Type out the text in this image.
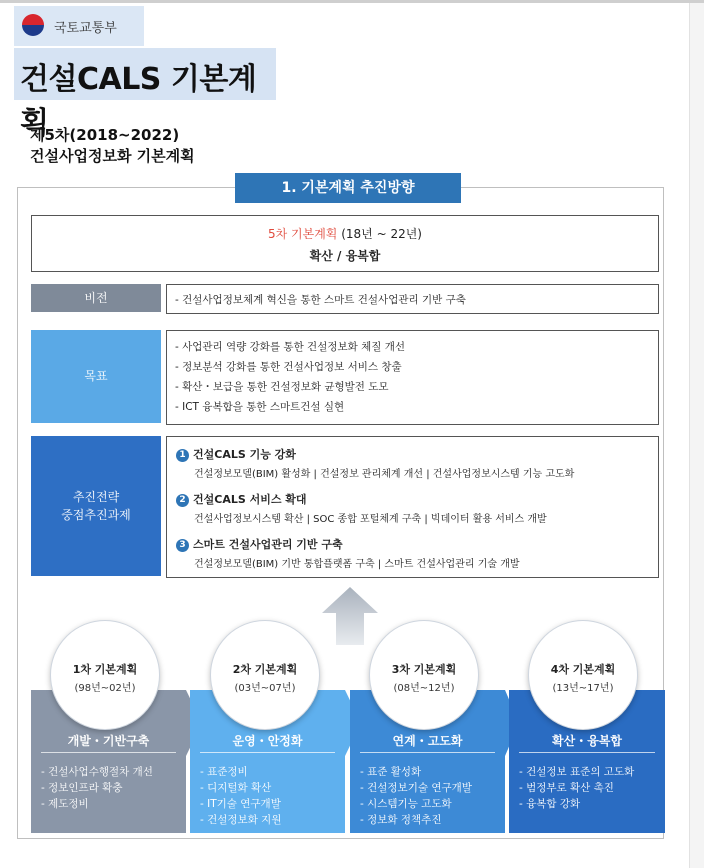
국토교통부
건설CALS 기본계획
제5차(2018~2022)
건설사업정보화 기본계획
1. 기본계획 추진방향
5차 기본계획 (18년 ~ 22년)
확산 / 융복합
비전	- 건설사업정보체계 혁신을 통한 스마트 건설사업관리 기반 구축
목표
- 사업관리 역량 강화를 통한 건설정보화 체질 개선
- 정보분석 강화를 통한 건설사업정보 서비스 창출
- 확산・보급을 통한 건설정보화 균형발전 도모
- ICT 융복합을 통한 스마트건설 실현
추진전략
중점추진과제
1 건설CALS 기능 강화
건설정보모델(BIM) 활성화 | 건설정보 관리체계 개선 | 건설사업정보시스템 기능 고도화
2 건설CALS 서비스 확대
건설사업정보시스템 확산 | SOC 종합 포털체계 구축 | 빅데이터 활용 서비스 개발
3 스마트 건설사업관리 기반 구축
건설정보모델(BIM) 기반 통합플랫폼 구축 | 스마트 건설사업관리 기술 개발
개발・기반구축
- 건설사업수행절차 개선
- 정보인프라 확충
- 제도정비
운영・안정화
- 표준정비
- 디지털화 확산
- IT기술 연구개발
- 건설정보화 지원
연계・고도화
- 표준 활성화
- 건설정보기술 연구개발
- 시스템기능 고도화
- 정보화 정책추진
확산・융복합
- 건설정보 표준의 고도화
- 범정부로 확산 촉진
- 융복합 강화
1차 기본계획
(98년~02년)
2차 기본계획
(03년~07년)
3차 기본계획
(08년~12년)
4차 기본계획
(13년~17년)
